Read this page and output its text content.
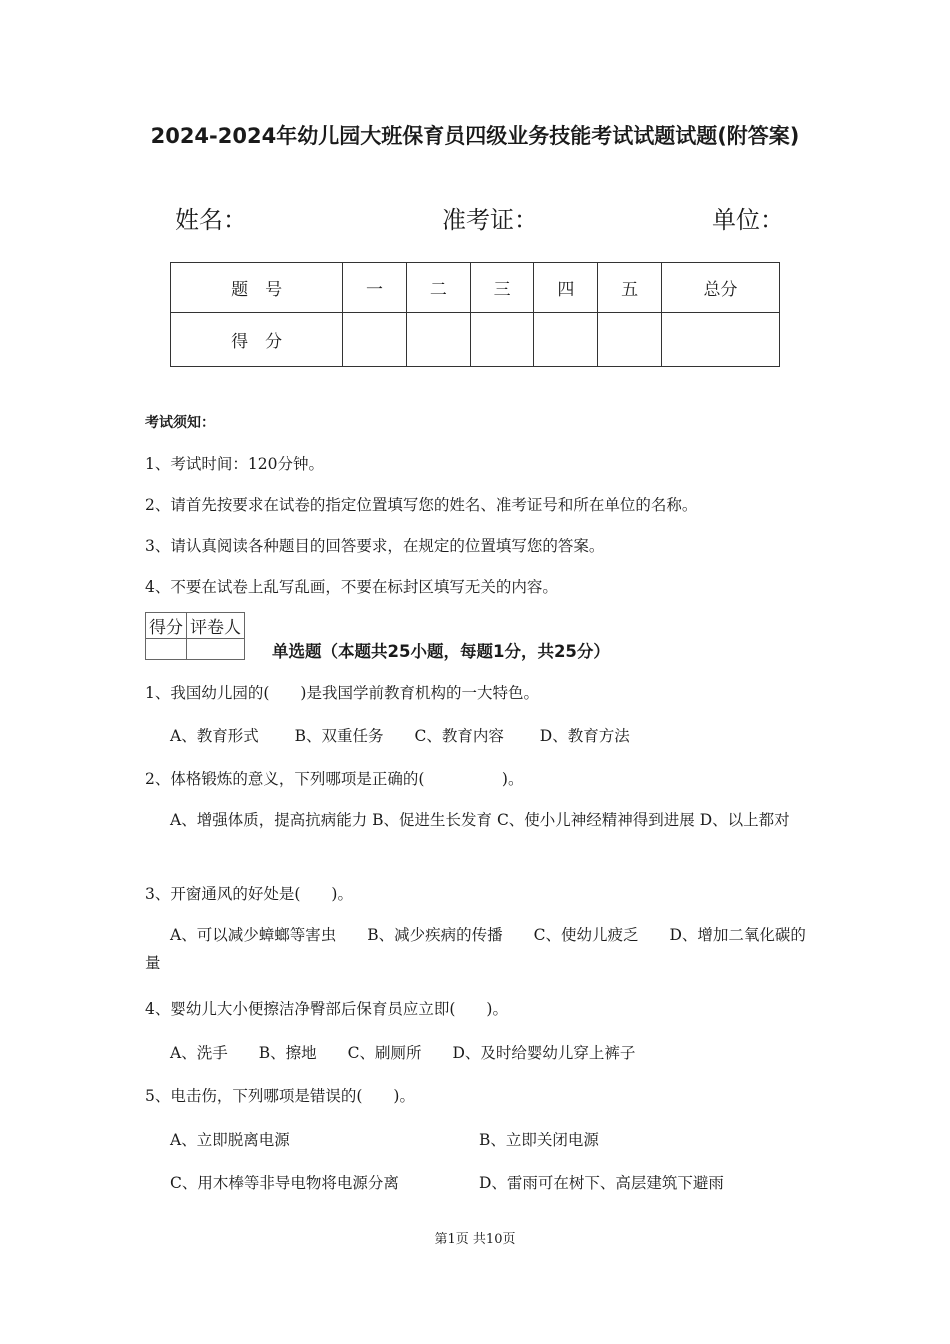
2024-2024年幼儿园大班保育员四级业务技能考试试题试题(附答案)
姓名：	准考证：	单位：
题　号	一	二	三	四	五	总分
得　分						
考试须知：
1、考试时间：120分钟。
2、请首先按要求在试卷的指定位置填写您的姓名、准考证号和所在单位的名称。
3、请认真阅读各种题目的回答要求，在规定的位置填写您的答案。
4、不要在试卷上乱写乱画，不要在标封区填写无关的内容。
得分	评卷人

单选题（本题共25小题，每题1分，共25分）
1、我国幼儿园的(　　)是我国学前教育机构的一大特色。
A、教育形式　　 B、双重任务　　C、教育内容　　 D、教育方法
2、体格锻炼的意义，下列哪项是正确的(　　　　　)。
A、增强体质，提高抗病能力 B、促进生长发育 C、使小儿神经精神得到进展 D、以上都对
3、开窗通风的好处是(　　)。
A、可以减少蟑螂等害虫　　B、减少疾病的传播　　C、使幼儿疲乏　　D、增加二氧化碳的量
4、婴幼儿大小便擦洁净臀部后保育员应立即(　　)。
A、洗手　　B、擦地　　C、刷厕所　　D、及时给婴幼儿穿上裤子
5、电击伤，下列哪项是错误的(　　)。
A、立即脱离电源	B、立即关闭电源
C、用木棒等非导电物将电源分离	D、雷雨可在树下、高层建筑下避雨
第1页 共10页
